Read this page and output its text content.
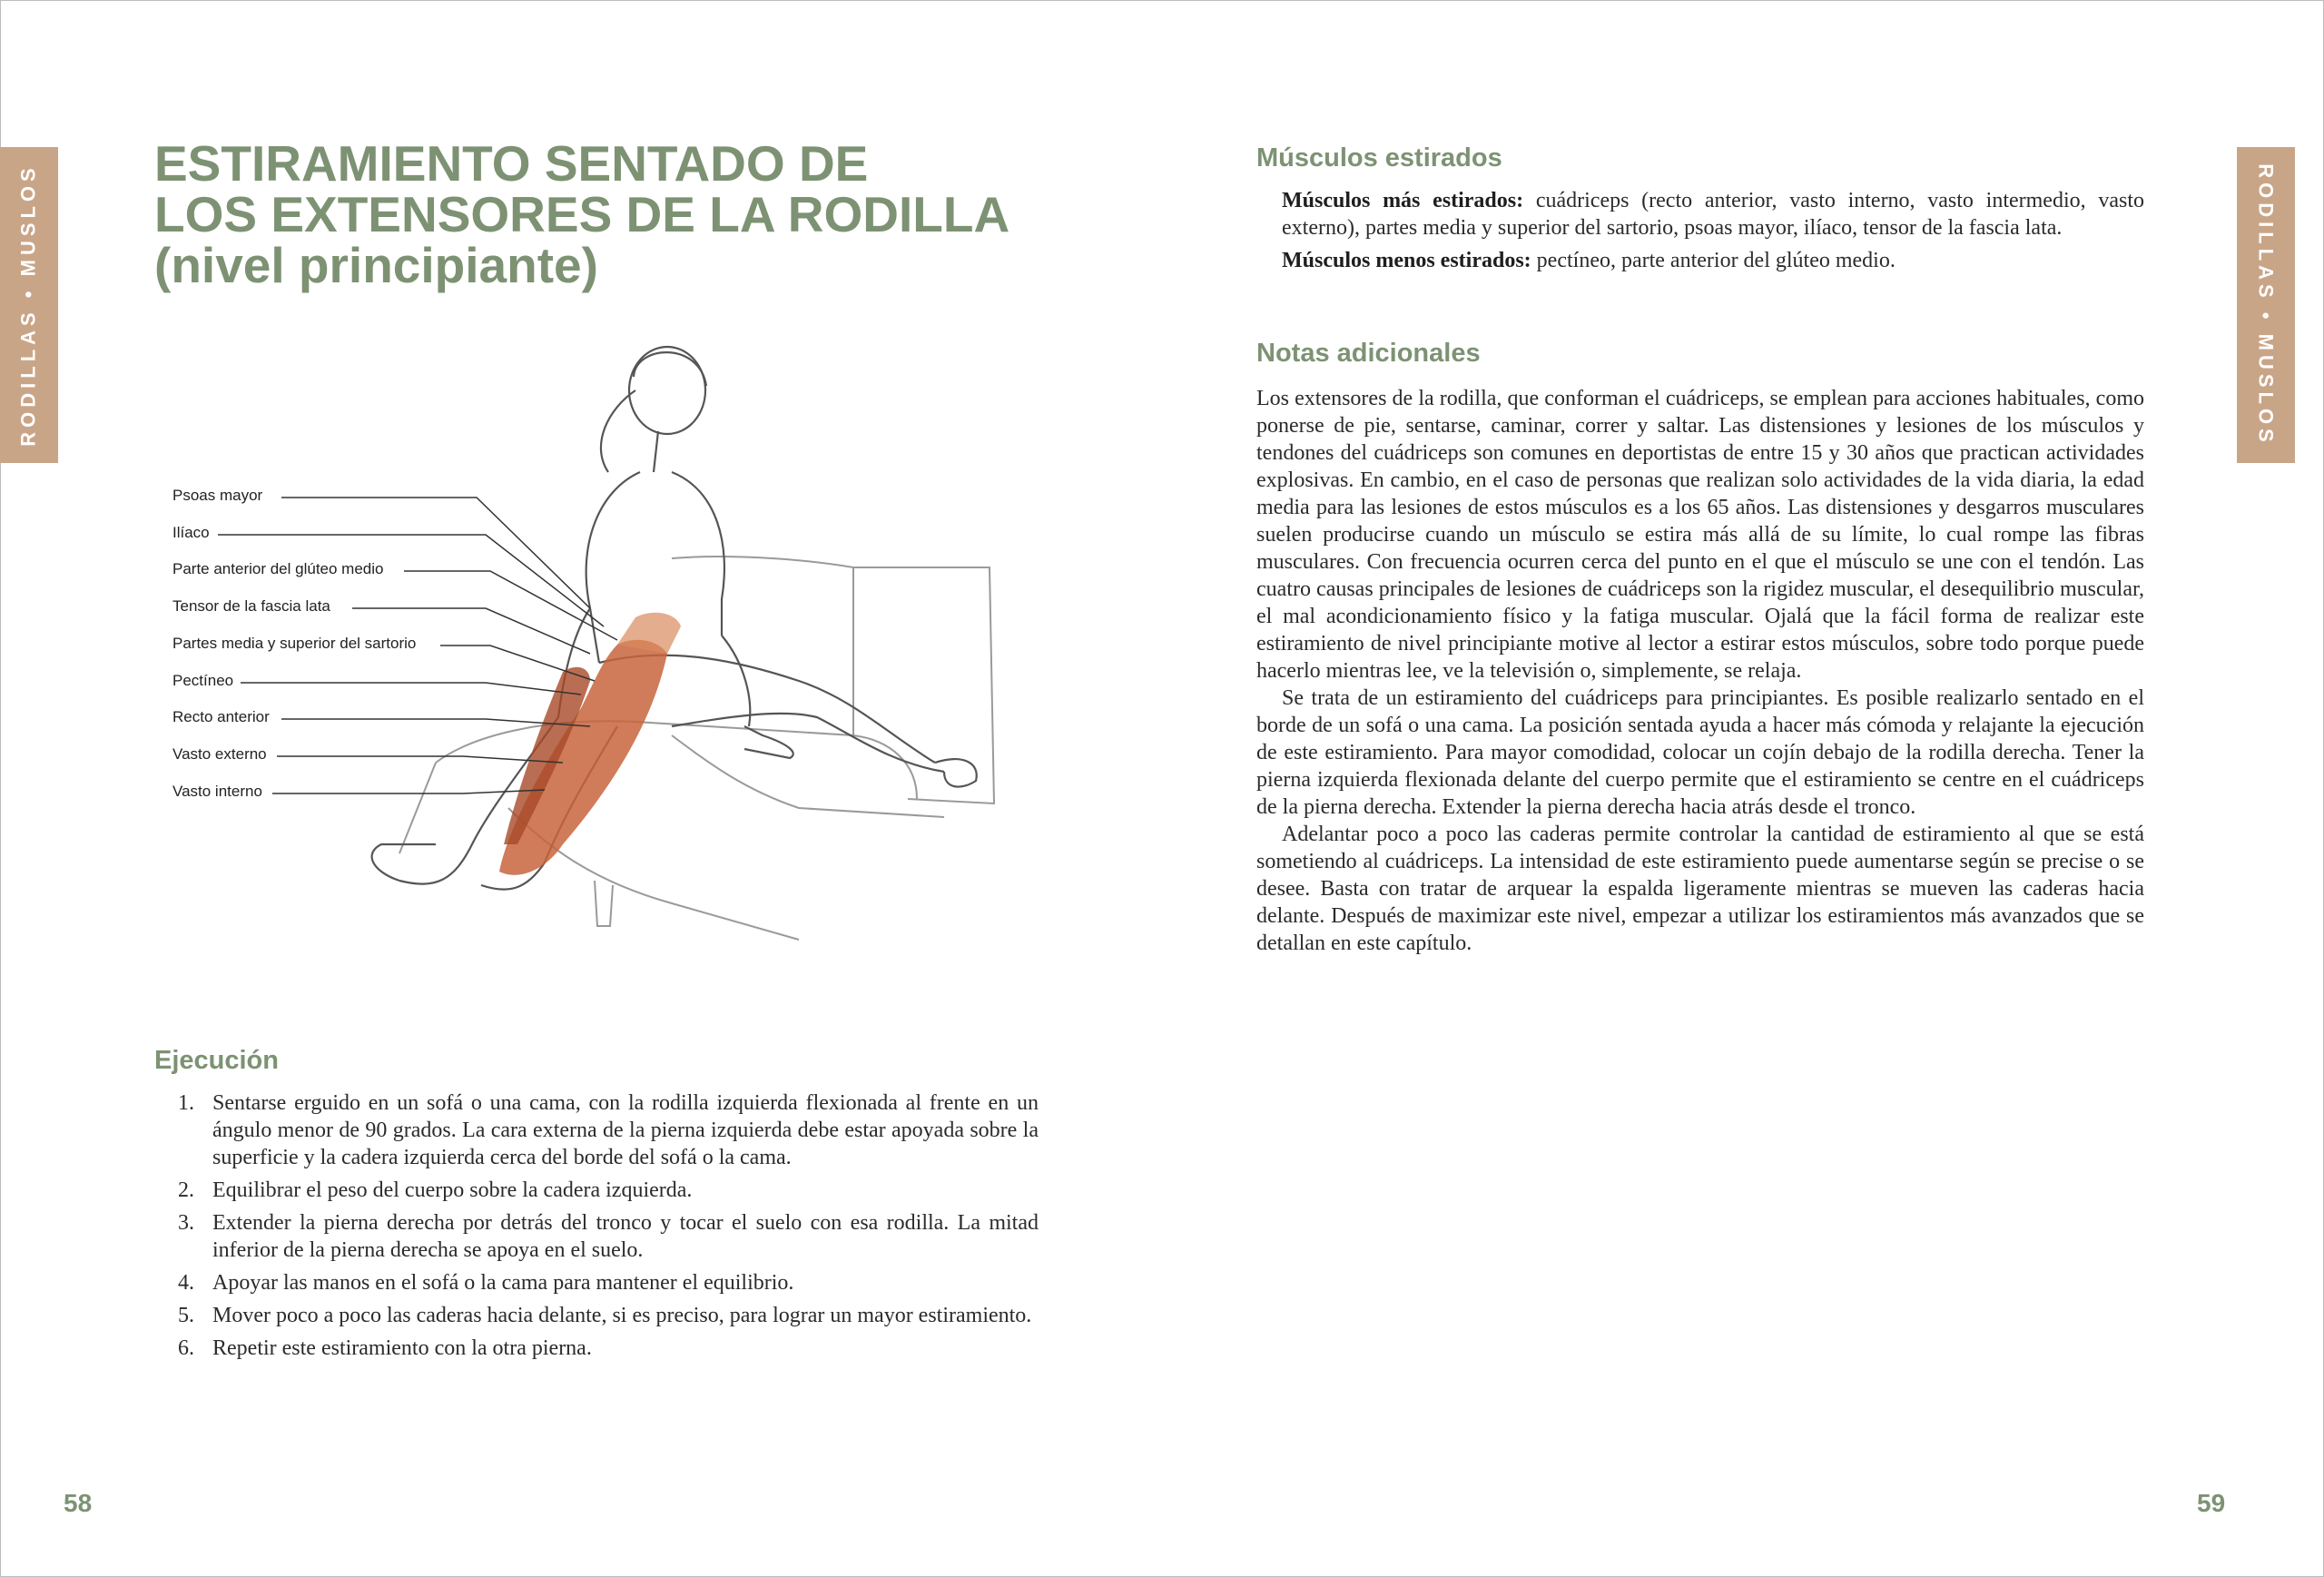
RODILLAS • MUSLOS	RODILLAS • MUSLOS
ESTIRAMIENTO SENTADO DE
LOS EXTENSORES DE LA RODILLA
(nivel principiante)
Psoas mayor
Ilíaco
Parte anterior del glúteo medio
Tensor de la fascia lata
Partes media y superior del sartorio
Pectíneo
Recto anterior
Vasto externo
Vasto interno
Ejecución
1. Sentarse erguido en un sofá o una cama, con la rodilla izquierda flexionada al frente en un ángulo menor de 90 grados. La cara externa de la pierna izquierda debe estar apoyada sobre la superficie y la cadera izquierda cerca del borde del sofá o la cama.
2. Equilibrar el peso del cuerpo sobre la cadera izquierda.
3. Extender la pierna derecha por detrás del tronco y tocar el suelo con esa rodilla. La mitad inferior de la pierna derecha se apoya en el suelo.
4. Apoyar las manos en el sofá o la cama para mantener el equilibrio.
5. Mover poco a poco las caderas hacia delante, si es preciso, para lograr un mayor estiramiento.
6. Repetir este estiramiento con la otra pierna.
Músculos estirados

Músculos más estirados: cuádriceps (recto anterior, vasto interno, vasto intermedio, vasto externo), partes media y superior del sartorio, psoas mayor, ilíaco, tensor de la fascia lata.

Músculos menos estirados: pectíneo, parte anterior del glúteo medio.

Notas adicionales

Los extensores de la rodilla, que conforman el cuádriceps, se emplean para acciones habituales, como ponerse de pie, sentarse, caminar, correr y saltar. Las distensiones y lesiones de los músculos y tendones del cuádriceps son comunes en deportistas de entre 15 y 30 años que practican actividades explosivas. En cambio, en el caso de personas que realizan solo actividades de la vida diaria, la edad media para las lesiones de estos músculos es a los 65 años. Las distensiones y desgarros musculares suelen producirse cuando un músculo se estira más allá de su límite, lo cual rompe las fibras musculares. Con frecuencia ocurren cerca del punto en el que el músculo se une con el tendón. Las cuatro causas principales de lesiones de cuádriceps son la rigidez muscular, el desequilibrio muscular, el mal acondicionamiento físico y la fatiga muscular. Ojalá que la fácil forma de realizar este estiramiento de nivel principiante motive al lector a estirar estos músculos, sobre todo porque puede hacerlo mientras lee, ve la televisión o, simplemente, se relaja.

Se trata de un estiramiento del cuádriceps para principiantes. Es posible realizarlo sentado en el borde de un sofá o una cama. La posición sentada ayuda a hacer más cómoda y relajante la ejecución de este estiramiento. Para mayor comodidad, colocar un cojín debajo de la rodilla derecha. Tener la pierna izquierda flexionada delante del cuerpo permite que el estiramiento se centre en el cuádriceps de la pierna derecha. Extender la pierna derecha hacia atrás desde el tronco.

Adelantar poco a poco las caderas permite controlar la cantidad de estiramiento al que se está sometiendo al cuádriceps. La intensidad de este estiramiento puede aumentarse según se precise o se desee. Basta con tratar de arquear la espalda ligeramente mientras se mueven las caderas hacia delante. Después de maximizar este nivel, empezar a utilizar los estiramientos más avanzados que se detallan en este capítulo.

58	59
